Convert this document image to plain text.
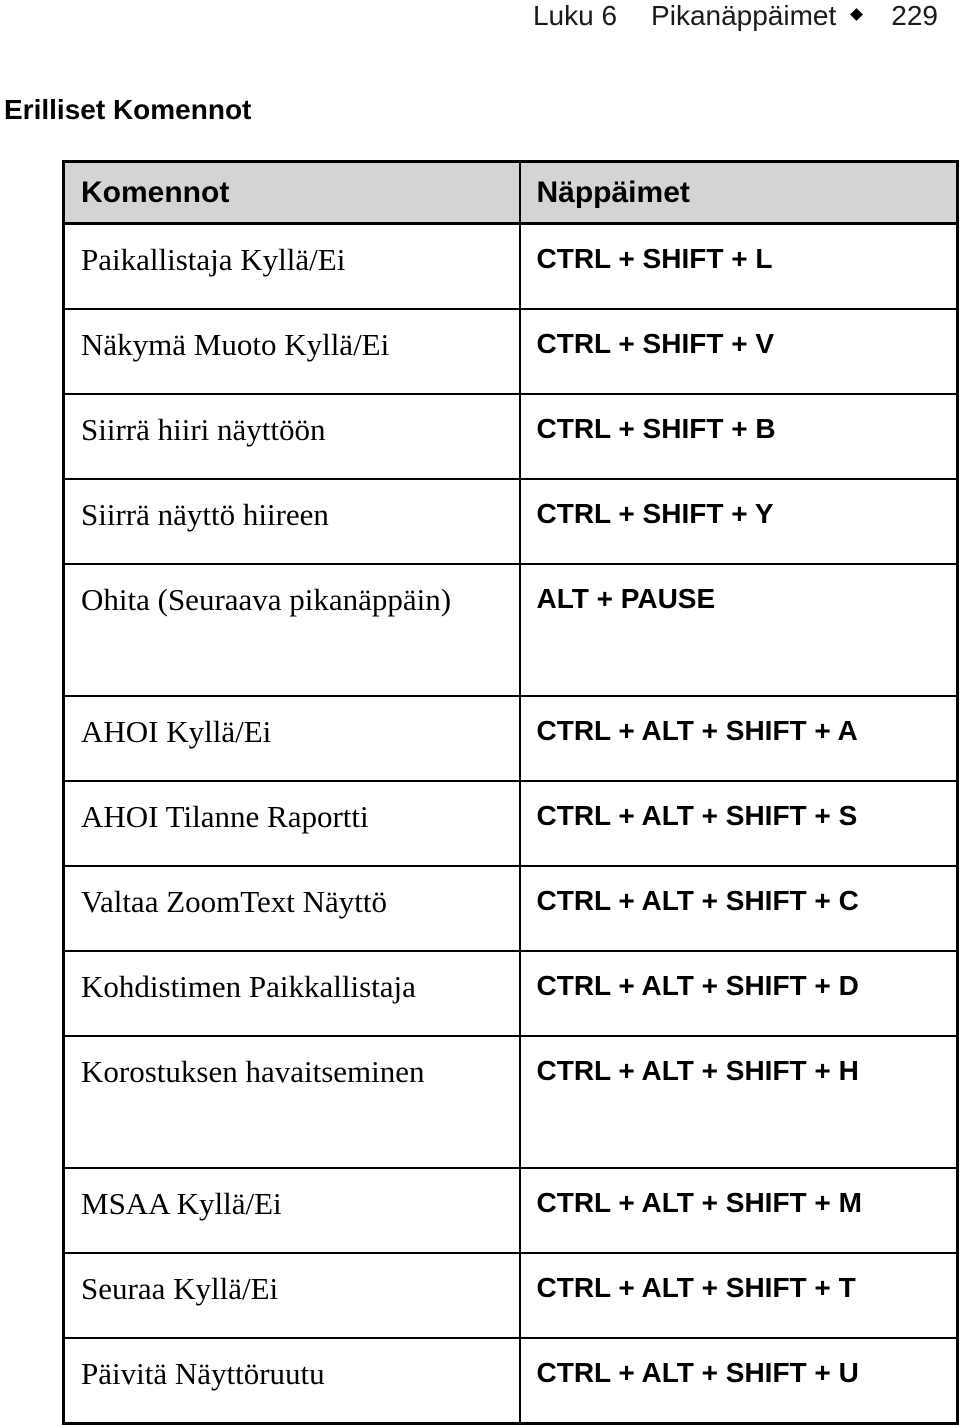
Luku 6 Pikanäppäimet 229
Erilliset Komennot
Komennot	Näppäimet
Paikallistaja Kyllä/Ei	CTRL + SHIFT + L
Näkymä Muoto Kyllä/Ei	CTRL + SHIFT + V
Siirrä hiiri näyttöön	CTRL + SHIFT + B
Siirrä näyttö hiireen	CTRL + SHIFT + Y
Ohita (Seuraava pikanäppäin)	ALT + PAUSE
AHOI Kyllä/Ei	CTRL + ALT + SHIFT + A
AHOI Tilanne Raportti	CTRL + ALT + SHIFT + S
Valtaa ZoomText Näyttö	CTRL + ALT + SHIFT + C
Kohdistimen Paikkallistaja	CTRL + ALT + SHIFT + D
Korostuksen havaitseminen	CTRL + ALT + SHIFT + H
MSAA Kyllä/Ei	CTRL + ALT + SHIFT + M
Seuraa Kyllä/Ei	CTRL + ALT + SHIFT + T
Päivitä Näyttöruutu	CTRL + ALT + SHIFT + U
